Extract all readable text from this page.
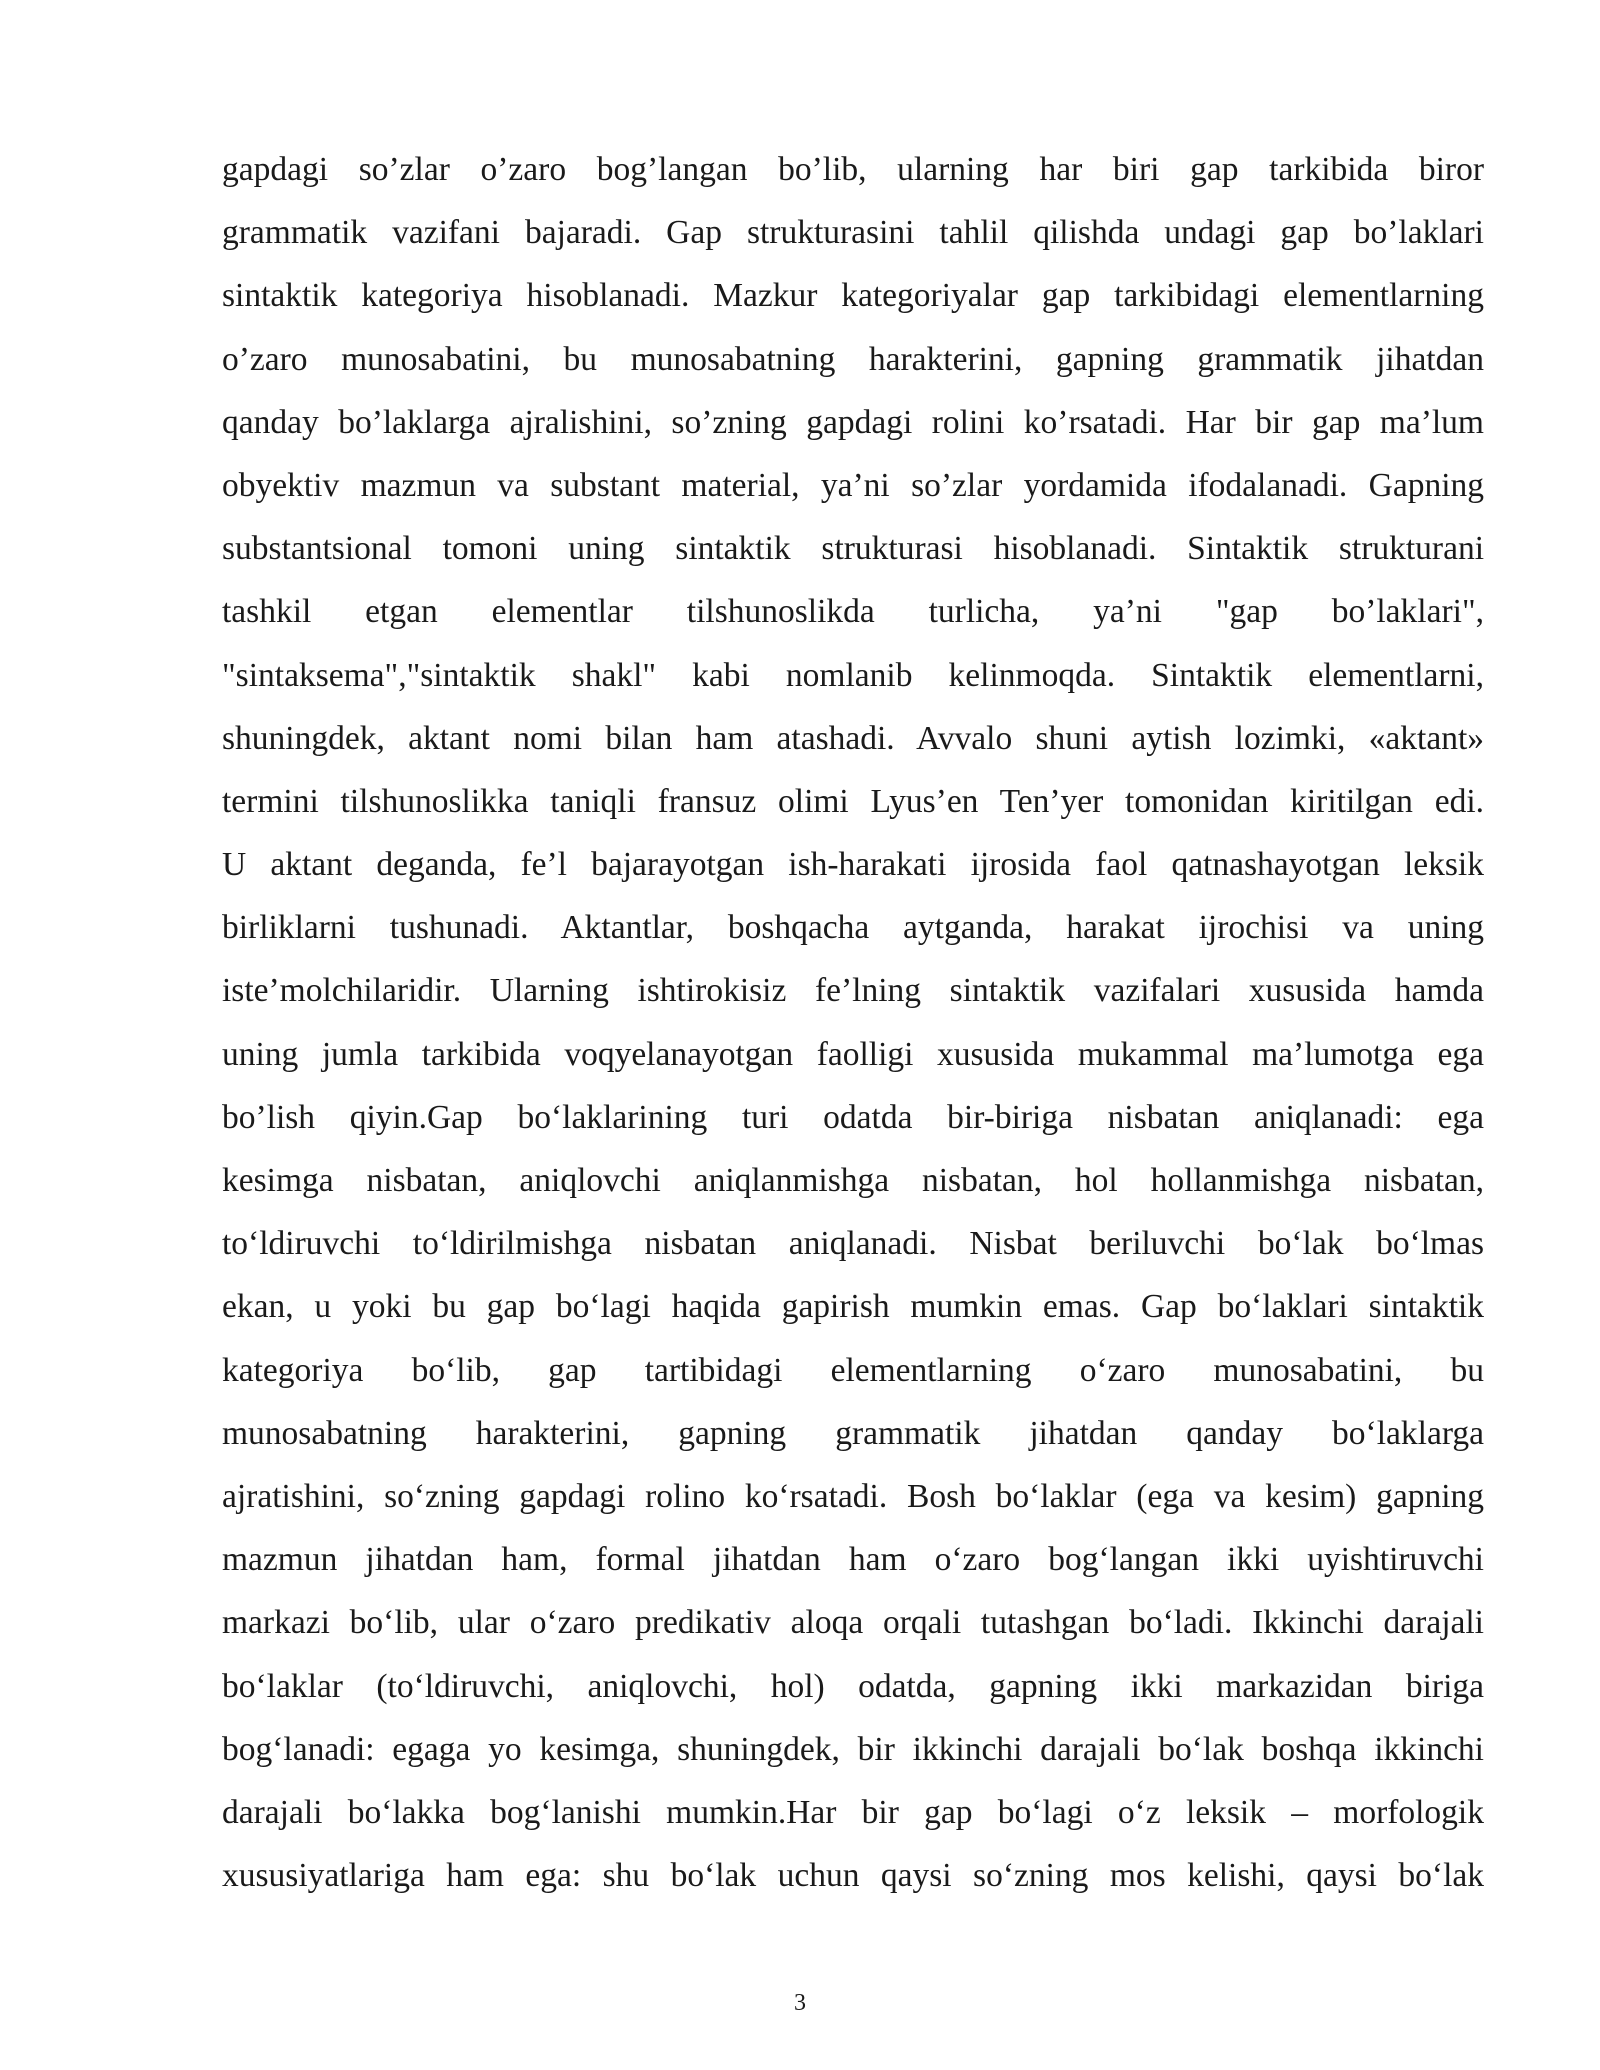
gapdagi so’zlar o’zaro bog’langan bo’lib, ularning har biri gap tarkibida biror
grammatik vazifani bajaradi. Gap strukturasini tahlil qilishda undagi gap bo’laklari
sintaktik kategoriya hisoblanadi. Mazkur kategoriyalar gap tarkibidagi elementlarning
o’zaro munosabatini, bu munosabatning harakterini, gapning grammatik jihatdan
qanday bo’laklarga ajralishini, so’zning gapdagi rolini ko’rsatadi. Har bir gap ma’lum
obyektiv mazmun va substant material, ya’ni so’zlar yordamida ifodalanadi. Gapning
substantsional tomoni uning sintaktik strukturasi hisoblanadi. Sintaktik strukturani
tashkil etgan elementlar tilshunoslikda turlicha, ya’ni "gap bo’laklari",
"sintaksema","sintaktik shakl" kabi nomlanib kelinmoqda. Sintaktik elementlarni,
shuningdek, aktant nomi bilan ham atashadi. Avvalo shuni aytish lozimki, «aktant»
termini tilshunoslikka taniqli fransuz olimi Lyus’en Ten’yer tomonidan kiritilgan edi.
U aktant deganda, fe’l bajarayotgan ish-harakati ijrosida faol qatnashayotgan leksik
birliklarni tushunadi. Aktantlar, boshqacha aytganda, harakat ijrochisi va uning
iste’molchilaridir. Ularning ishtirokisiz fe’lning sintaktik vazifalari xususida hamda
uning jumla tarkibida voqyelanayotgan faolligi xususida mukammal ma’lumotga ega
bo’lish qiyin.Gap bo‘laklarining turi odatda bir-biriga nisbatan aniqlanadi: ega
kesimga nisbatan, aniqlovchi aniqlanmishga nisbatan, hol hollanmishga nisbatan,
to‘ldiruvchi to‘ldirilmishga nisbatan aniqlanadi. Nisbat beriluvchi bo‘lak bo‘lmas
ekan, u yoki bu gap bo‘lagi haqida gapirish mumkin emas. Gap bo‘laklari sintaktik
kategoriya bo‘lib, gap tartibidagi elementlarning o‘zaro munosabatini, bu
munosabatning harakterini, gapning grammatik jihatdan qanday bo‘laklarga
ajratishini, so‘zning gapdagi rolino ko‘rsatadi. Bosh bo‘laklar (ega va kesim) gapning
mazmun jihatdan ham, formal jihatdan ham o‘zaro bog‘langan ikki uyishtiruvchi
markazi bo‘lib, ular o‘zaro predikativ aloqa orqali tutashgan bo‘ladi. Ikkinchi darajali
bo‘laklar (to‘ldiruvchi, aniqlovchi, hol) odatda, gapning ikki markazidan biriga
bog‘lanadi: egaga yo kesimga, shuningdek, bir ikkinchi darajali bo‘lak boshqa ikkinchi
darajali bo‘lakka bog‘lanishi mumkin.Har bir gap bo‘lagi o‘z leksik – morfologik
xususiyatlariga ham ega: shu bo‘lak uchun qaysi so‘zning mos kelishi, qaysi bo‘lak
3
